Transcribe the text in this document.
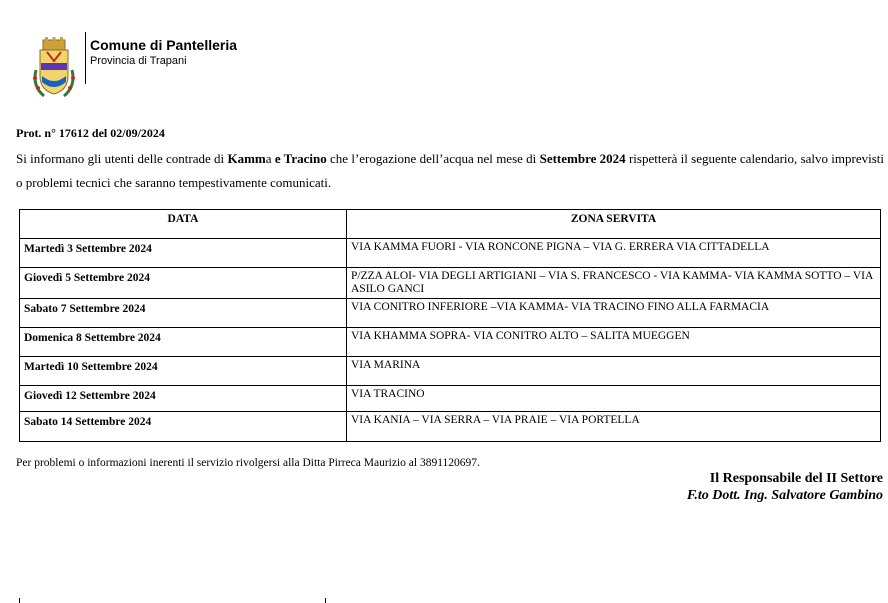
Comune di Pantelleria
Provincia di Trapani
Prot. n° 17612 del 02/09/2024
Si informano gli utenti delle contrade di Kamma e Tracino che l’erogazione dell’acqua nel mese di Settembre 2024 rispetterà il seguente calendario, salvo imprevisti o problemi tecnici che saranno tempestivamente comunicati.
DATA	ZONA SERVITA
Martedì 3 Settembre 2024	VIA KAMMA FUORI - VIA RONCONE PIGNA – VIA G. ERRERA VIA CITTADELLA
Giovedì 5 Settembre 2024	P/ZZA ALOI- VIA DEGLI ARTIGIANI – VIA S. FRANCESCO - VIA KAMMA- VIA KAMMA SOTTO – VIA ASILO GANCI
Sabato 7 Settembre 2024	VIA CONITRO INFERIORE –VIA KAMMA- VIA TRACINO FINO ALLA FARMACIA
Domenica 8 Settembre 2024	VIA KHAMMA SOPRA- VIA CONITRO ALTO – SALITA MUEGGEN
Martedì 10 Settembre 2024	VIA MARINA
Giovedì 12 Settembre 2024	VIA TRACINO
Sabato 14 Settembre 2024	VIA KANIA – VIA SERRA – VIA PRAIE – VIA PORTELLA
Per problemi o informazioni inerenti il servizio rivolgersi alla Ditta Pirreca Maurizio al 3891120697.
Il Responsabile del II Settore
F.to Dott. Ing. Salvatore Gambino
